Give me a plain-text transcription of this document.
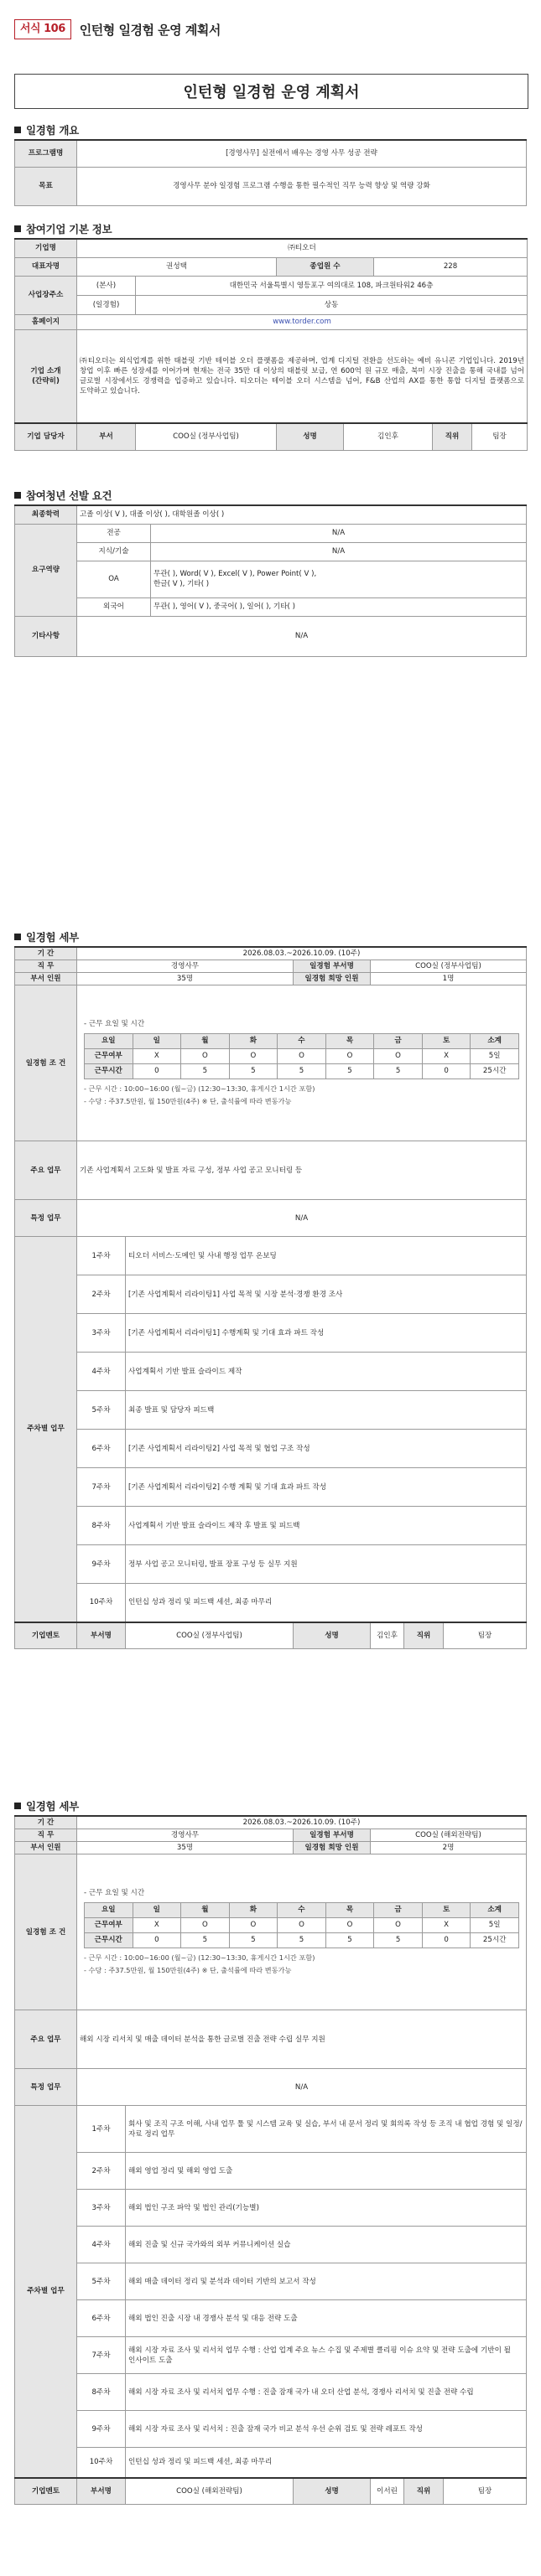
서식 106	인턴형 일경험 운영 계획서
인턴형 일경험 운영 계획서
일경험 개요
프로그램명	[경영사무] 실전에서 배우는 경영 사무 성공 전략
목표	경영사무 분야 일경험 프로그램 수행을 통한 필수적인 직무 능력 향상 및 역량 강화
참여기업 기본 정보
기업명	㈜티오더						
대표자명	권성택		종업원 수		228		
사업장주소	(본사)	대한민국 서울특별시 영등포구 여의대로 108, 파크원타워2 46층					
	(일경험)	상동					
홈페이지	www.torder.com						
기업 소개 (간략히)	㈜티오더는 외식업계를 위한 태블릿 기반 테이블 오더 플랫폼을 제공하며, 업계 디지털 전환을 선도하는 예비 유니콘 기업입니다. 2019년 창업 이후 빠른 성장세를 이어가며 현재는 전국 35만 대 이상의 태블릿 보급, 연 600억 원 규모 매출, 북미 시장 진출을 통해 국내를 넘어 글로벌 시장에서도 경쟁력을 입증하고 있습니다. 티오더는 테이블 오더 시스템을 넘어, F&B 산업의 AX를 통한 통합 디지털 플랫폼으로 도약하고 있습니다.						
기업 담당자	부서	COO실 (정부사업팀)	성명	김인후		직위	팀장
참여청년 선발 요건
최종학력	고졸 이상( V ), 대졸 이상( ), 대학원졸 이상( )	
요구역량	전공	N/A
	지식/기술	N/A
	OA	무관( ), Word( V ), Excel( V ), Power Point( V ),
한글( V ), 기타( )

	외국어	무관( ), 영어( V ), 중국어( ), 일어( ), 기타( )
기타사항	N/A	
일경험 세부
기 간	2026.08.03.~2026.10.09. (10주)
직 무	경영사무	일경험 부서명	COO실 (정부사업팀)
부서 인원	35명	일경험 희망 인원	1명
일경험 조 건	
- 근무 요일 및 시간
요일	일	월	화	수	목	금	토	소계
근무여부	X	O	O	O	O	O	X	5일
근무시간	0	5	5	5	5	5	0	25시간
- 근무 시간 : 10:00~16:00 (월~금) (12:30~13:30, 휴게시간 1시간 포함)
- 수당 : 주37.5만원, 월 150만원(4주) ※ 단, 출석률에 따라 변동가능

주요 업무	기존 사업계획서 고도화 및 발표 자료 구성, 정부 사업 공고 모니터링 등
특정 업무	N/A
주차별 업무	1주차	티오더 서비스·도메인 및 사내 행정 업무 온보딩
2주차	[기존 사업계획서 리라이팅1] 사업 목적 및 시장 분석·경쟁 환경 조사
3주차	[기존 사업계획서 리라이팅1] 수행계획 및 기대 효과 파트 작성
4주차	사업계획서 기반 발표 슬라이드 제작
5주차	최종 발표 및 담당자 피드백
6주차	[기존 사업계획서 리라이팅2] 사업 목적 및 협업 구조 작성
7주차	[기존 사업계획서 리라이팅2] 수행 계획 및 기대 효과 파트 작성
8주차	사업계획서 기반 발표 슬라이드 제작 후 발표 및 피드백
9주차	정부 사업 공고 모니터링, 발표 장표 구성 등 실무 지원
10주차	인턴십 성과 정리 및 피드백 세션, 최종 마무리
기업멘토	부서명	COO실 (정부사업팀)	성명	김인후	직위	팀장
일경험 세부
기 간	2026.08.03.~2026.10.09. (10주)
직 무	경영사무	일경험 부서명	COO실 (해외전략팀)
부서 인원	35명	일경험 희망 인원	2명
일경험 조 건	
- 근무 요일 및 시간
요일	일	월	화	수	목	금	토	소계
근무여부	X	O	O	O	O	O	X	5일
근무시간	0	5	5	5	5	5	0	25시간
- 근무 시간 : 10:00~16:00 (월~금) (12:30~13:30, 휴게시간 1시간 포함)
- 수당 : 주37.5만원, 월 150만원(4주) ※ 단, 출석률에 따라 변동가능

주요 업무	해외 시장 리서치 및 매출 데이터 분석을 통한 글로벌 진출 전략 수립 실무 지원
특정 업무	N/A
주차별 업무	1주차	회사 및 조직 구조 이해, 사내 업무 툴 및 시스템 교육 및 실습, 부서 내 문서 정리 및 회의록 작성 등 조직 내 협업 경험 및 일정/자료 정리 업무
2주차	해외 영업 정리 및 해외 영업 도출
3주차	해외 법인 구조 파악 및 법인 관리(기능별)
4주차	해외 진출 및 신규 국가와의 외부 커뮤니케이션 실습
5주차	해외 매출 데이터 정리 및 분석과 데이터 기반의 보고서 작성
6주차	해외 법인 진출 시장 내 경쟁사 분석 및 대응 전략 도출
7주차	해외 시장 자료 조사 및 리서치 업무 수행 : 산업 업계 주요 뉴스 수집 및 주제별 클리핑 이슈 요약 및 전략 도출에 기반이 될 인사이트 도출
8주차	해외 시장 자료 조사 및 리서치 업무 수행 : 진출 잠재 국가 내 오더 산업 분석, 경쟁사 리서치 및 진출 전략 수립
9주차	해외 시장 자료 조사 및 리서치 : 진출 잠재 국가 비교 분석 우선 순위 검토 및 전략 레포트 작성
10주차	인턴십 성과 정리 및 피드백 세션, 최종 마무리
기업멘토	부서명	COO실 (해외전략팀)	성명	이서린	직위	팀장
